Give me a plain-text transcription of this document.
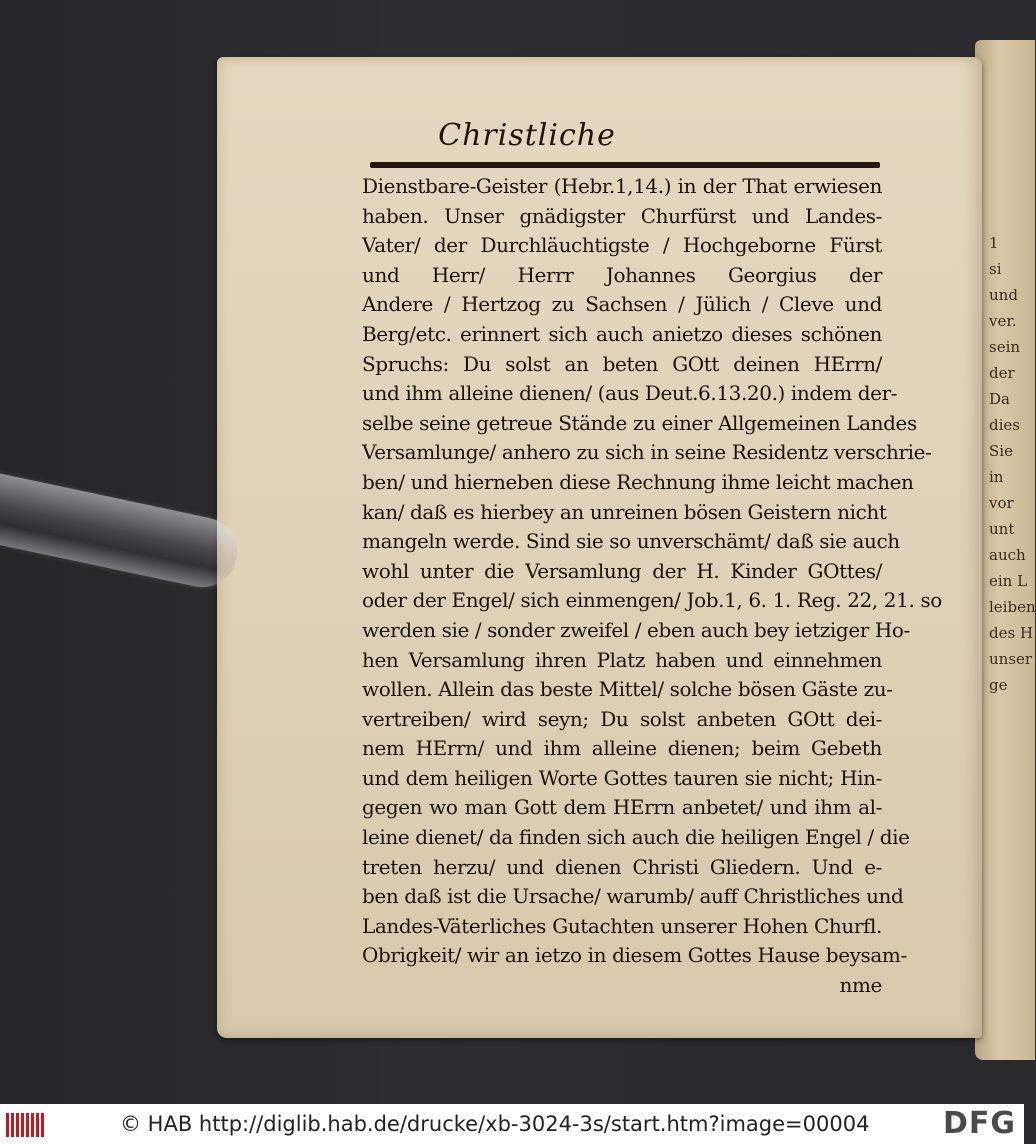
1
si
und
ver.
sein
der
Da
dies
Sie
in
vor
unt
auch
ein L
leiben
des H
unser
ge
Christliche
Dienstbare-Geister (Hebr.1,14.) in der That erwiesen
haben. Unser gnädigster Churfürst und Landes-
Vater/ der Durchläuchtigste / Hochgeborne Fürst
und Herr/ Herrr Johannes Georgius der
Andere / Hertzog zu Sachsen / Jülich / Cleve und
Berg/etc. erinnert sich auch anietzo dieses schönen
Spruchs: Du solst an beten GOtt deinen HErrn/
und ihm alleine dienen/ (aus Deut.6.13.20.) indem der-
selbe seine getreue Stände zu einer Allgemeinen Landes
Versamlunge/ anhero zu sich in seine Residentz verschrie-
ben/ und hierneben diese Rechnung ihme leicht machen
kan/ daß es hierbey an unreinen bösen Geistern nicht
mangeln werde. Sind sie so unverschämt/ daß sie auch
wohl unter die Versamlung der H. Kinder GOttes/
oder der Engel/ sich einmengen/ Job.1, 6. 1. Reg. 22, 21. so
werden sie / sonder zweifel / eben auch bey ietziger Ho-
hen Versamlung ihren Platz haben und einnehmen
wollen. Allein das beste Mittel/ solche bösen Gäste zu-
vertreiben/ wird seyn; Du solst anbeten GOtt dei-
nem HErrn/ und ihm alleine dienen; beim Gebeth
und dem heiligen Worte Gottes tauren sie nicht; Hin-
gegen wo man Gott dem HErrn anbetet/ und ihm al-
leine dienet/ da finden sich auch die heiligen Engel / die
treten herzu/ und dienen Christi Gliedern. Und e-
ben daß ist die Ursache/ warumb/ auff Christliches und
Landes-Väterliches Gutachten unserer Hohen Churfl.
Obrigkeit/ wir an ietzo in diesem Gottes Hause beysam-
nme
© HAB http://diglib.hab.de/drucke/xb-3024-3s/start.htm?image=00004 DFG
